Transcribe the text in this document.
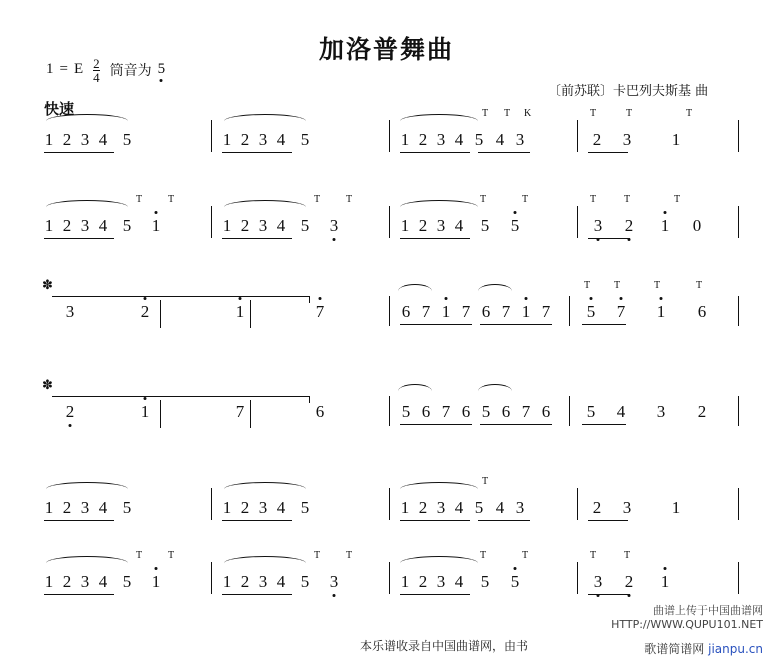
加洛普舞曲
1 = E $\frac{2}{4}$ 筒音为 5
〔前苏联〕卡巴列夫斯基 曲
快速
1 2 3 4 5	1 2 3 4 5
T T K
1 2 3 4 5 4 3
T	T	T
2	3	1
T	T
1 2 3 4 5	1
T	T
1 2 3 4 5	3
T	T
1 2 3 4	5	5
T	T	T
3	2	1	0
✽
3	2	1	7	6 7 1 7 6 7 1 7
T T	T	T
5	7	1	6
✽
2	1	7	6	5 6 7 6 5 6 7 6	5	4	3	2
1 2 3 4 5	1 2 3 4 5
T
1 2 3 4 5 4 3	2	3	1
T	T
1 2 3 4 5	1
T	T
1 2 3 4 5	3
T	T
1 2 3 4	5	5
T	T
3	2	1
曲谱上传于中国曲谱网
HTTP://WWW.QUPU101.NET
本乐谱收录自中国曲谱网，由书	歌谱简谱网 jianpu.cn
